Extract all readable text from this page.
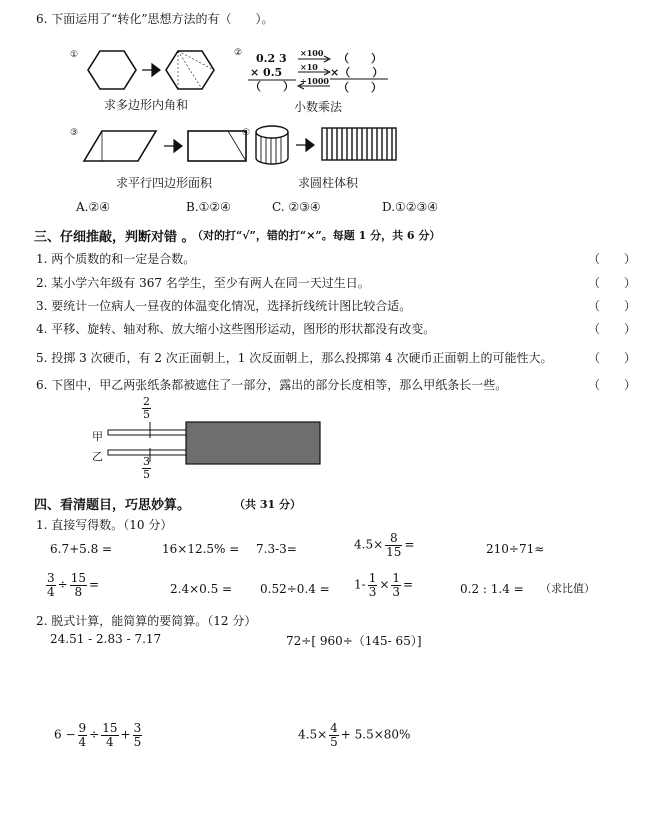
6. 下面运用了“转化”思想方法的有（　　）。
①
求多边形内角和
② 0.2 3
× 0.5
（　　）
×100
×10
÷1000
（　　）
×（　　）
（　　）
小数乘法
③
求平行四边形面积
④
求圆柱体积
A.②④	B.①②④	C. ②③④	D.①②③④
三、仔细推敲，判断对错 。
（对的打“√”，错的打“×”。每题 1 分，共 6 分）
1. 两个质数的和一定是合数。
2. 某小学六年级有 367 名学生，至少有两人在同一天过生日。
3. 要统计一位病人一昼夜的体温变化情况，选择折线统计图比较合适。
4. 平移、旋转、轴对称、放大缩小这些图形运动，图形的形状都没有改变。
5. 投掷 3 次硬币，有 2 次正面朝上，1 次反面朝上，那么投掷第 4 次硬币正面朝上的可能性大。
6. 下图中，甲乙两张纸条都被遮住了一部分，露出的部分长度相等，那么甲纸条长一些。
（　　）
（　　）
（　　）
（　　）
（　　）
（　　）
$\frac{2}{5}$
甲
乙	$\frac{3}{5}$
四、看清题目，巧思妙算。	（共 31 分）
1. 直接写得数。（10 分）
6.7+5.8 =	16×12.5% = 7.3-3=	$4.5\times \frac{8}{15}$ =	210÷71≈
$\frac{3}{4} \div \frac{15}{8}$ =	$2.4\times 0.5 = 0.52\div 0.4 = 1- \frac{1}{3} \times \frac{1}{3}$ =	0.2 : 1.4 = （求比值）
2. 脱式计算，能简算的要简算。（12 分）
24.51 - 2.83 - 7.17	72÷[ 960÷（145- 65）]
$6 - \frac{9}{4} \div \frac{15}{4} + \frac{3}{5}$	$4.5\times \frac{4}{5} + 5.5\times 80\%$
